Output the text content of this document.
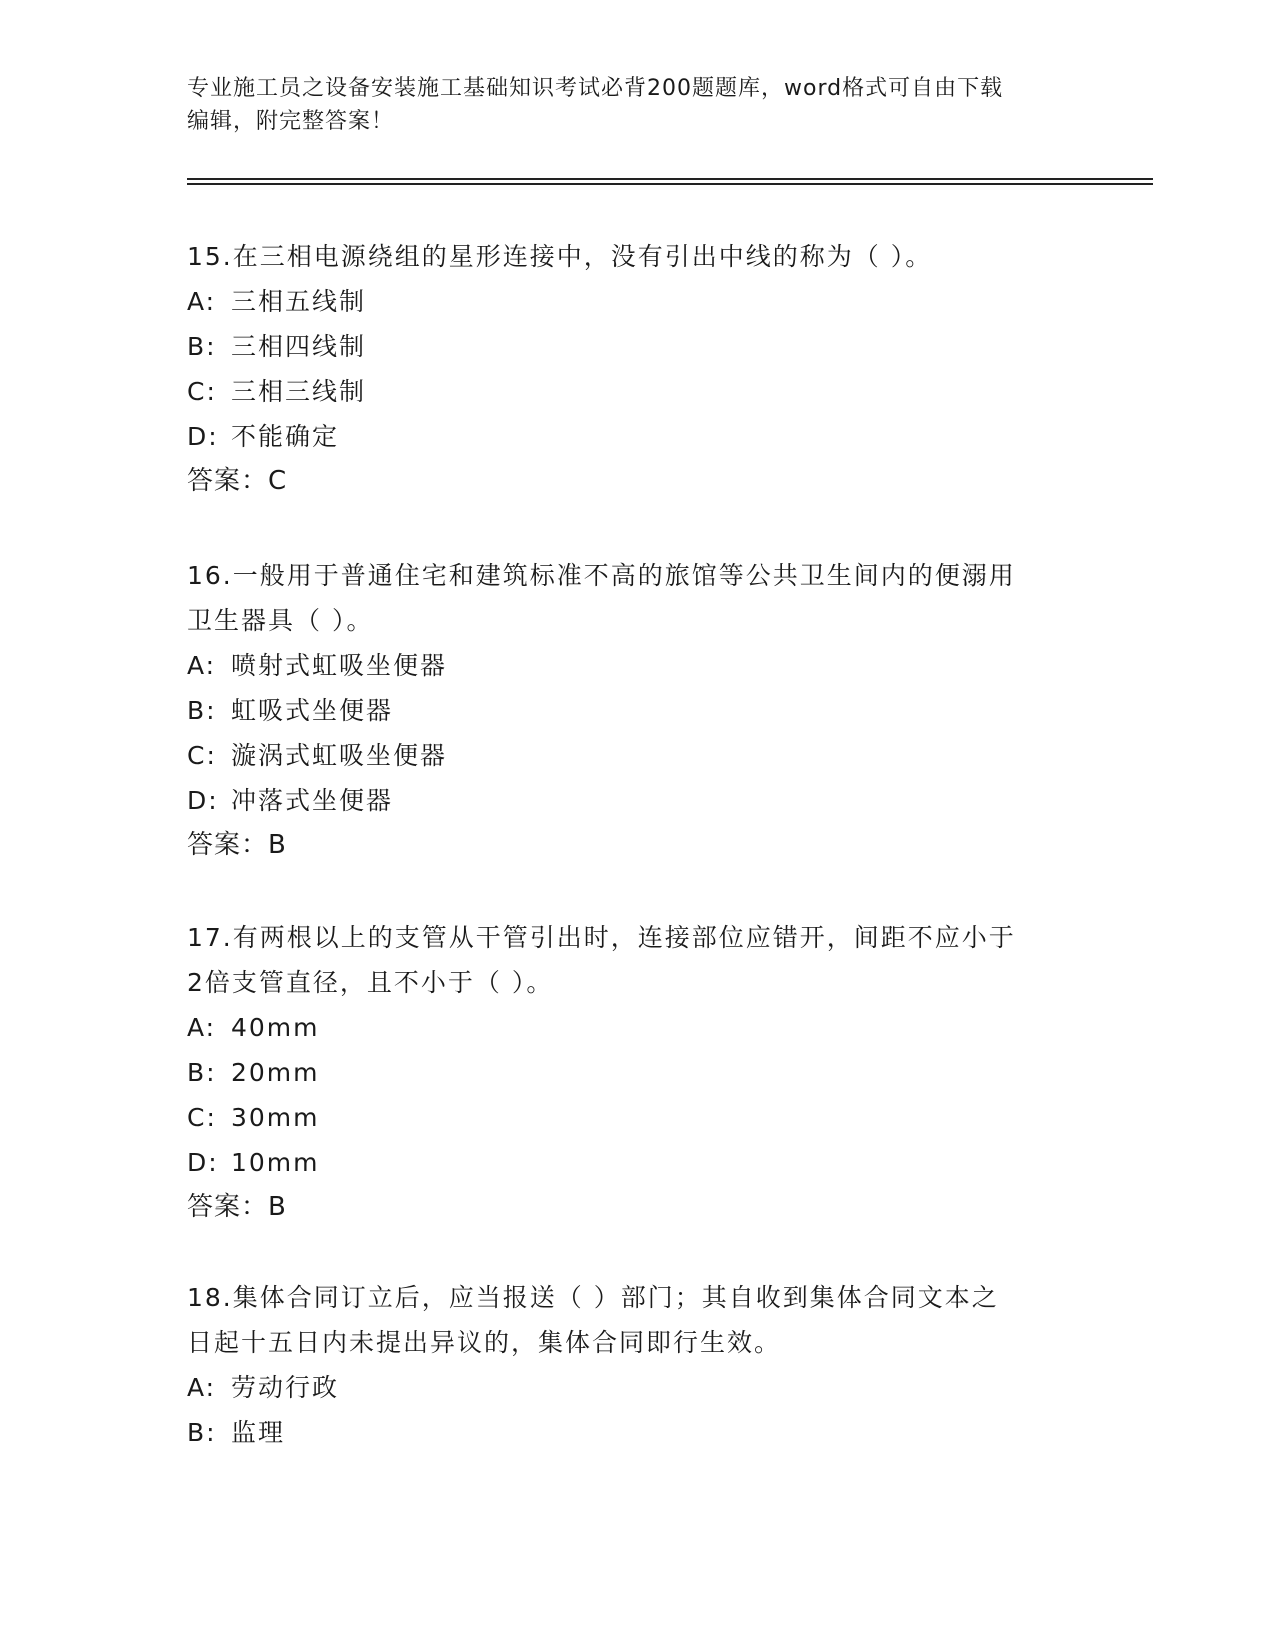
专业施工员之设备安装施工基础知识考试必背200题题库，word格式可自由下载
编辑，附完整答案！

15.在三相电源绕组的星形连接中，没有引出中线的称为（ ）。

A: 三相五线制

B: 三相四线制

C: 三相三线制

D: 不能确定

答案：C

16.一般用于普通住宅和建筑标准不高的旅馆等公共卫生间内的便溺用

卫生器具（ ）。

A: 喷射式虹吸坐便器

B: 虹吸式坐便器

C: 漩涡式虹吸坐便器

D: 冲落式坐便器

答案：B

17.有两根以上的支管从干管引出时，连接部位应错开，间距不应小于

2倍支管直径，且不小于（ ）。

A: 40mm

B: 20mm

C: 30mm

D: 10mm

答案：B

18.集体合同订立后，应当报送（ ）部门；其自收到集体合同文本之

日起十五日内未提出异议的，集体合同即行生效。

A: 劳动行政

B: 监理
